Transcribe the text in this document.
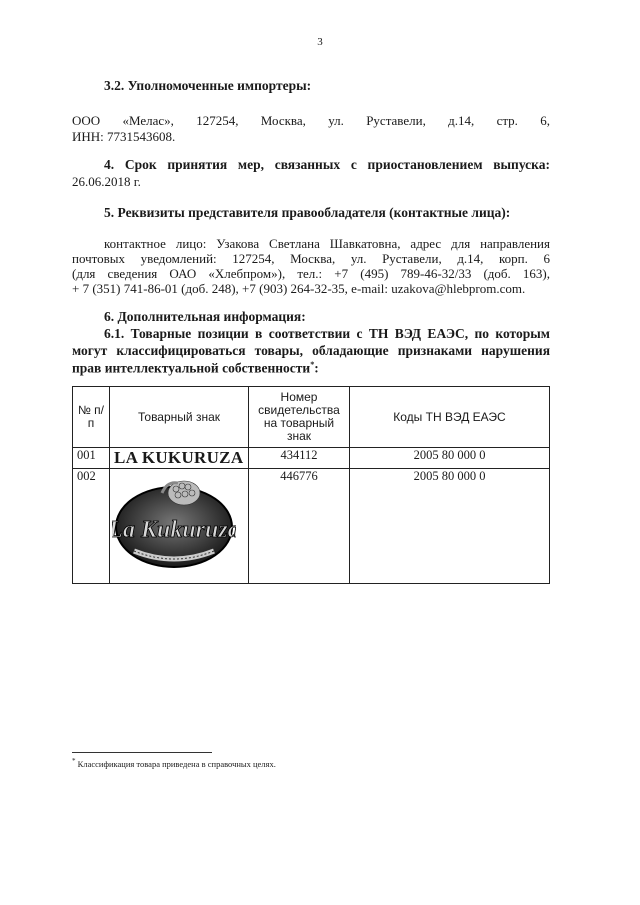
3
3.2. Уполномоченные импортеры:
ООО «Мелас», 127254, Москва, ул. Руставели, д.14, стр. 6,
ИНН: 7731543608.
4. Срок принятия мер, связанных с приостановлением выпуска:
26.06.2018 г.
5. Реквизиты представителя правообладателя (контактные лица):
контактное лицо: Узакова Светлана Шавкатовна, адрес для направления
почтовых уведомлений: 127254, Москва, ул. Руставели, д.14, корп. 6
(для сведения ОАО «Хлебпром»), тел.: +7 (495) 789-46-32/33 (доб. 163),
+ 7 (351) 741-86-01 (доб. 248), +7 (903) 264-32-35, e-mail: uzakova@hlebprom.com.
6. Дополнительная информация:
6.1. Товарные позиции в соответствии с ТН ВЭД ЕАЭС, по которым
могут классифицироваться товары, обладающие признаками нарушения
прав интеллектуальной собственности*:
№ п/п	Товарный знак	Номер свидетельства на товарный знак	Коды ТН ВЭД ЕАЭС
001	LA KUKURUZA	434112	2005 80 000 0
002	La Kukuruza	446776	2005 80 000 0
* Классификация товара приведена в справочных целях.
